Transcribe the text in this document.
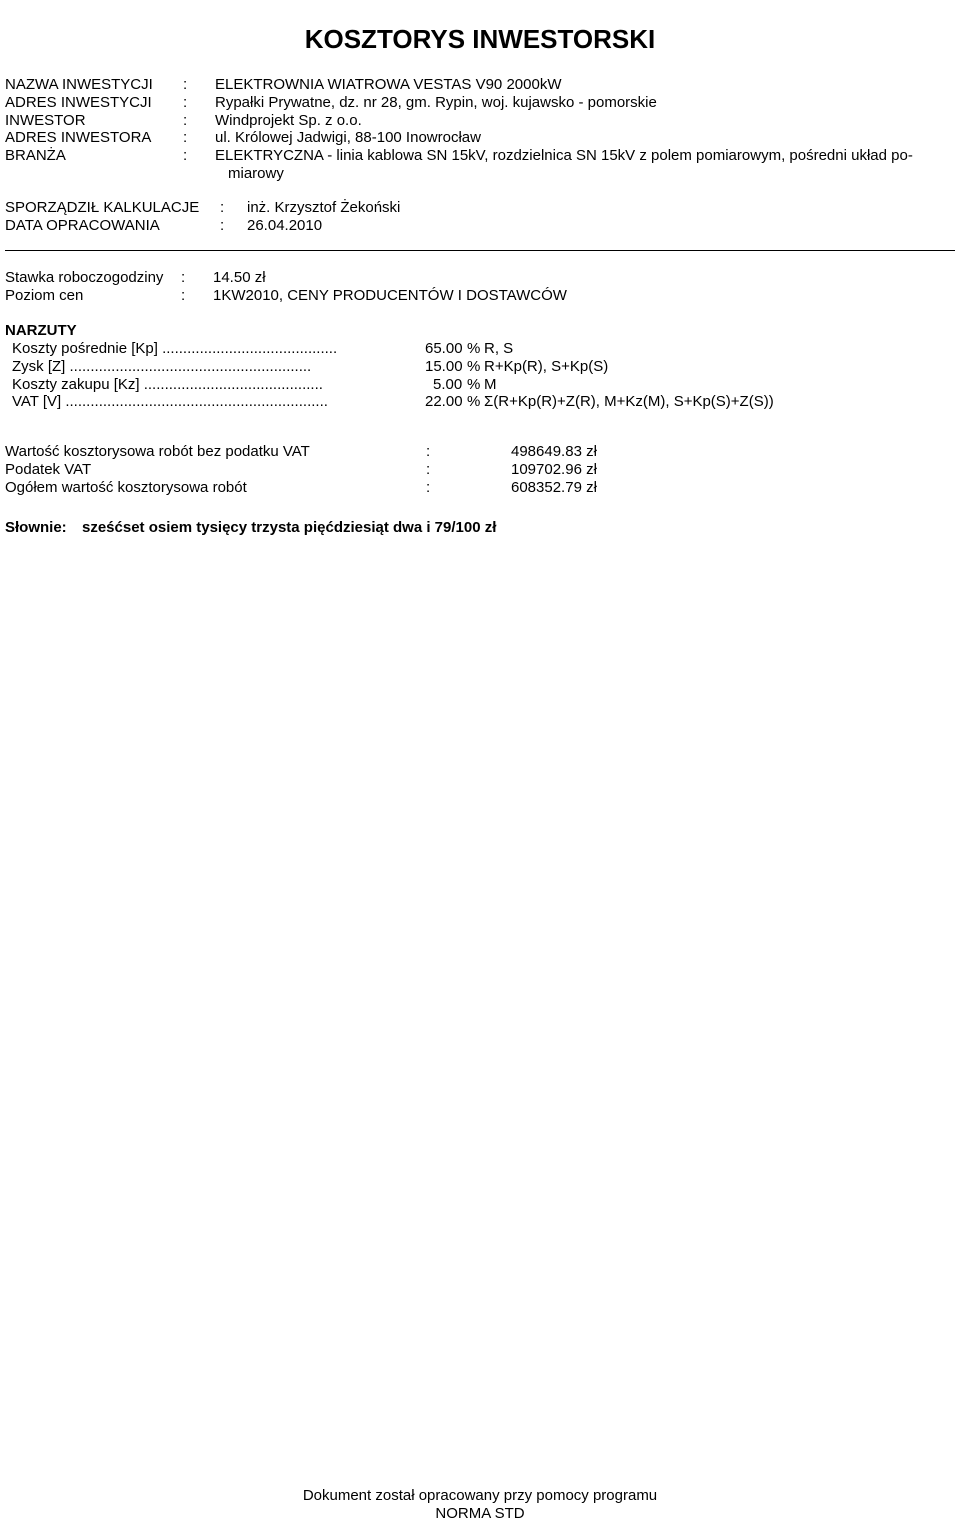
KOSZTORYS INWESTORSKI
NAZWA INWESTYCJI : ELEKTROWNIA WIATROWA VESTAS V90 2000kW
ADRES INWESTYCJI : Rypałki Prywatne, dz. nr 28, gm. Rypin, woj. kujawsko - pomorskie
INWESTOR	: Windprojekt Sp. z o.o.
ADRES INWESTORA : ul. Królowej Jadwigi, 88-100 Inowrocław
BRANŻA	: ELEKTRYCZNA - linia kablowa SN 15kV, rozdzielnica SN 15kV z polem pomiarowym, pośredni układ po-
miarowy
SPORZĄDZIŁ KALKULACJE : inż. Krzysztof Żekoński
DATA OPRACOWANIA	: 26.04.2010
Stawka roboczogodziny : 14.50 zł
Poziom cen	: 1KW2010, CENY PRODUCENTÓW I DOSTAWCÓW
NARZUTY
Koszty pośrednie [Kp] ..........................................	65.00 % R, S
Zysk [Z] ..........................................................	15.00 % R+Kp(R), S+Kp(S)
Koszty zakupu [Kz] ...........................................	5.00 % M
VAT [V] ...............................................................	22.00 % Σ(R+Kp(R)+Z(R), M+Kz(M), S+Kp(S)+Z(S))
Wartość kosztorysowa robót bez podatku VAT	:	498649.83 zł
Podatek VAT	:	109702.96 zł
Ogółem wartość kosztorysowa robót	:	608352.79 zł
Słownie: sześćset osiem tysięcy trzysta pięćdziesiąt dwa i 79/100 zł
Dokument został opracowany przy pomocy programu
NORMA STD
